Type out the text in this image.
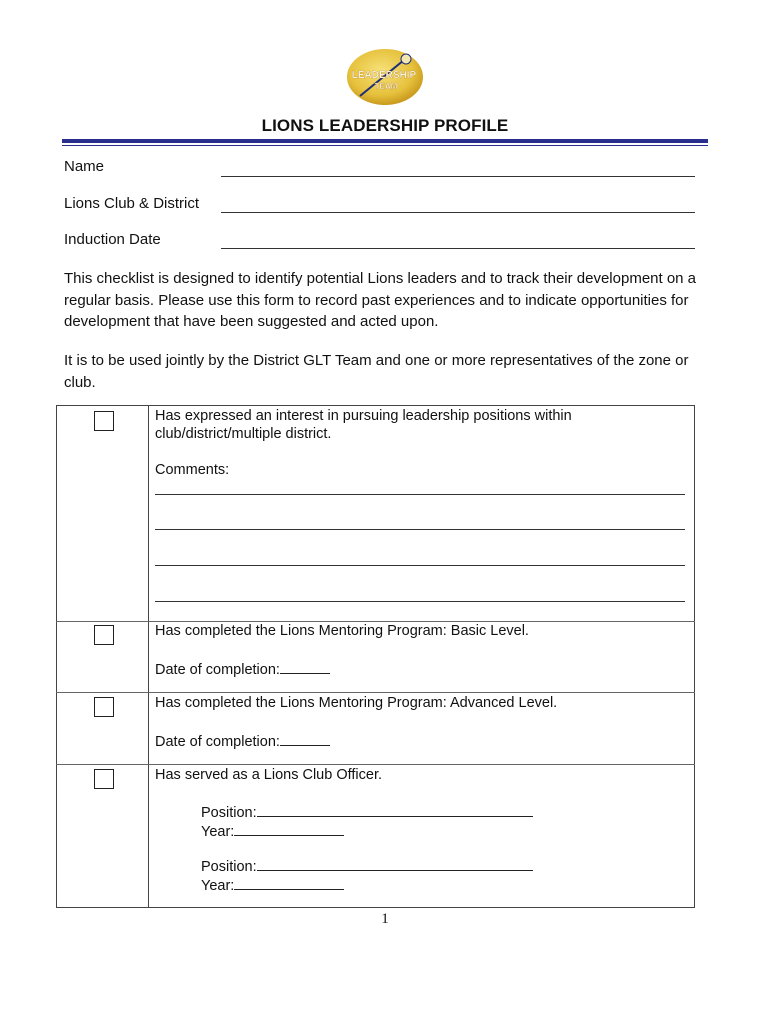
LEADERSHIP
TEAM
LIONS LEADERSHIP PROFILE
Name
Lions Club & District
Induction Date

This checklist is designed to identify potential Lions leaders and to track their development on a regular basis. Please use this form to record past experiences and to indicate opportunities for development that have been suggested and acted upon.

It is to be used jointly by the District GLT Team and one or more representatives of the zone or club.

Has expressed an interest in pursuing leadership positions within

club/district/multiple district.

Comments:

Has completed the Lions Mentoring Program: Basic Level.

Date of completion:

Has completed the Lions Mentoring Program: Advanced Level.

Date of completion:

Has served as a Lions Club Officer.

Position:

Year:

Position:

Year:

1
